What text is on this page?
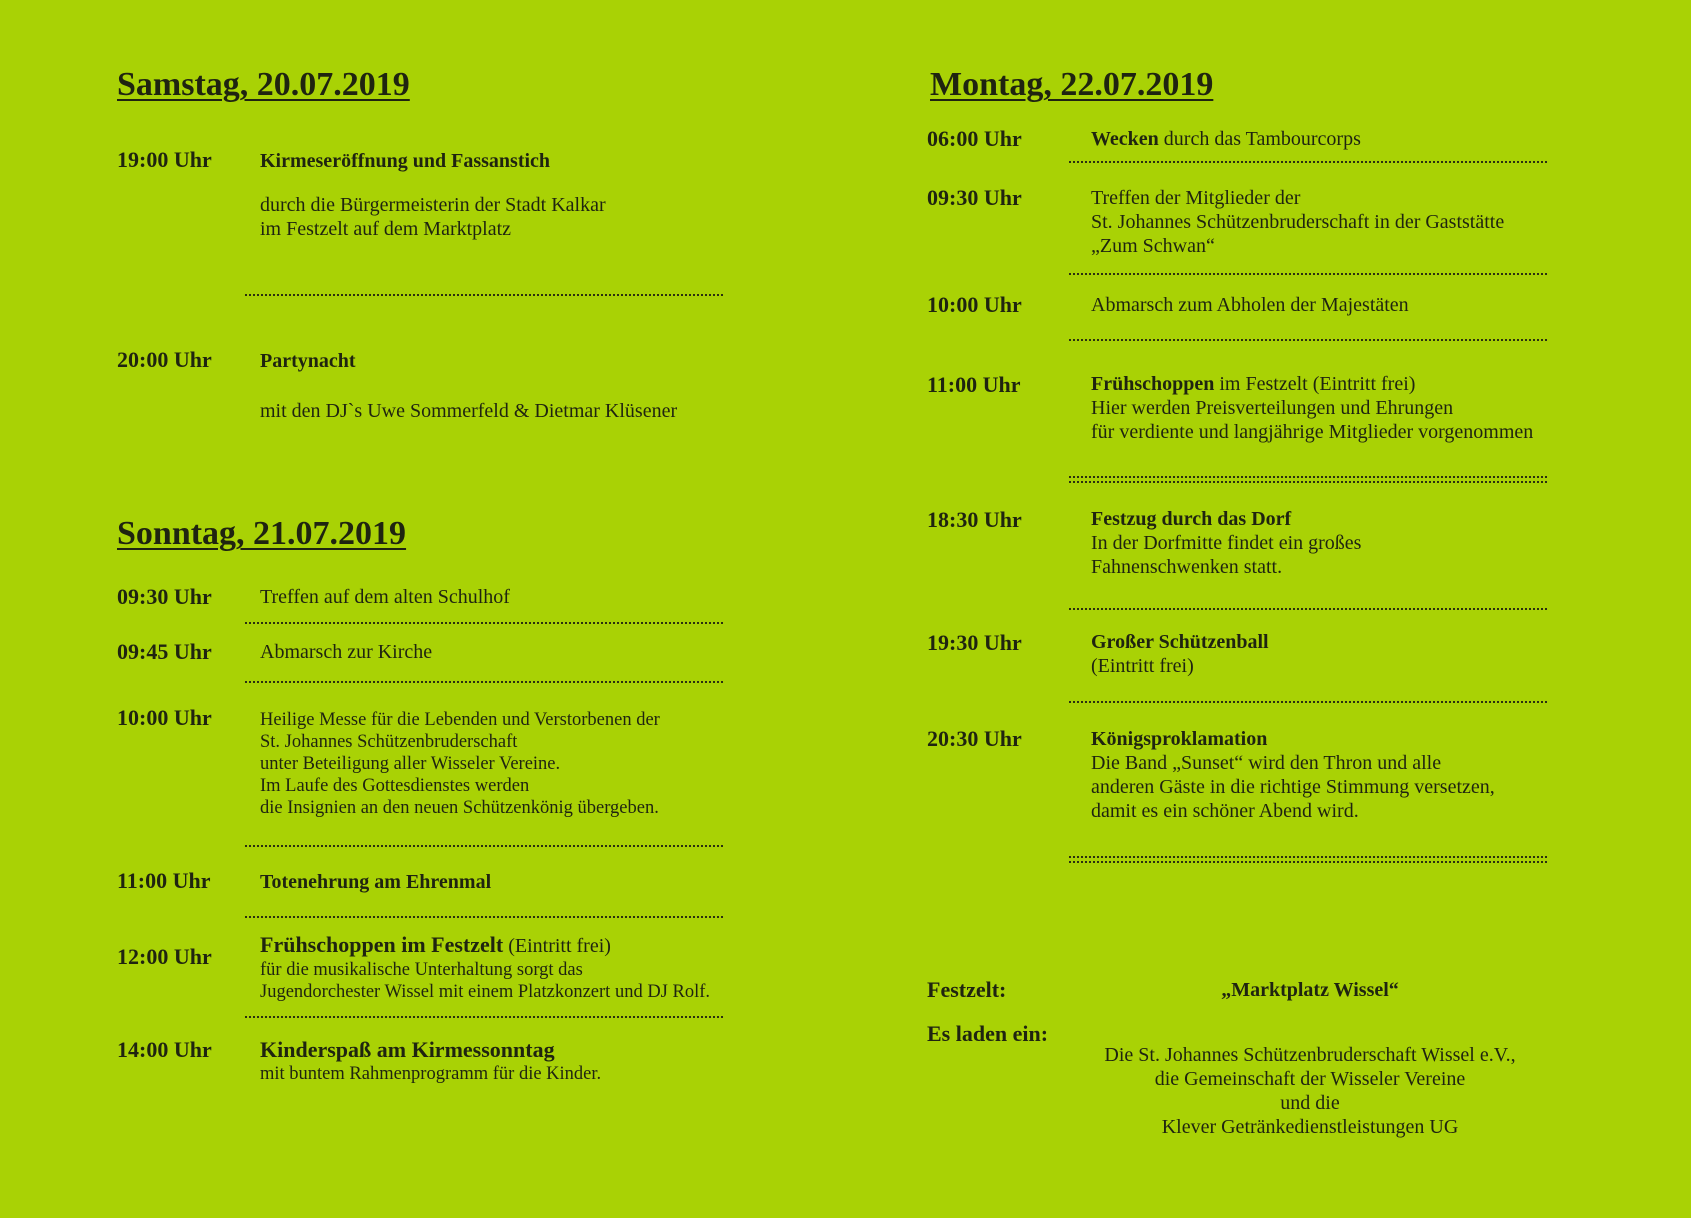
Samstag, 20.07.2019
19:00 Uhr Kirmeseröffnung und Fassanstich
durch die Bürgermeisterin der Stadt Kalkar
im Festzelt auf dem Marktplatz
20:00 Uhr Partynacht
mit den DJ`s Uwe Sommerfeld & Dietmar Klüsener
Sonntag, 21.07.2019
09:30 Uhr Treffen auf dem alten Schulhof
09:45 Uhr Abmarsch zur Kirche
10:00 Uhr	Heilige Messe für die Lebenden und Verstorbenen der
St. Johannes Schützenbruderschaft
unter Beteiligung aller Wisseler Vereine.
Im Laufe des Gottesdienstes werden
die Insignien an den neuen Schützenkönig übergeben.
11:00 Uhr Totenehrung am Ehrenmal
12:00 Uhr Frühschoppen im Festzelt (Eintritt frei)
für die musikalische Unterhaltung sorgt das
Jugendorchester Wissel mit einem Platzkonzert und DJ Rolf.
14:00 Uhr Kinderspaß am Kirmessonntag
mit buntem Rahmenprogramm für die Kinder.
Montag, 22.07.2019
06:00 Uhr	Wecken durch das Tambourcorps
09:30 Uhr	Treffen der Mitglieder der
St. Johannes Schützenbruderschaft in der Gaststätte
„Zum Schwan“
10:00 Uhr	Abmarsch zum Abholen der Majestäten
11:00 Uhr	Frühschoppen im Festzelt (Eintritt frei)
Hier werden Preisverteilungen und Ehrungen
für verdiente und langjährige Mitglieder vorgenommen
18:30 Uhr	Festzug durch das Dorf
In der Dorfmitte findet ein großes
Fahnenschwenken statt.
19:30 Uhr	Großer Schützenball
(Eintritt frei)
20:30 Uhr	Königsproklamation
Die Band „Sunset“ wird den Thron und alle
anderen Gäste in die richtige Stimmung versetzen,
damit es ein schöner Abend wird.
Festzelt:	„Marktplatz Wissel“
Es laden ein:
Die St. Johannes Schützenbruderschaft Wissel e.V.,
die Gemeinschaft der Wisseler Vereine
und die
Klever Getränkedienstleistungen UG
